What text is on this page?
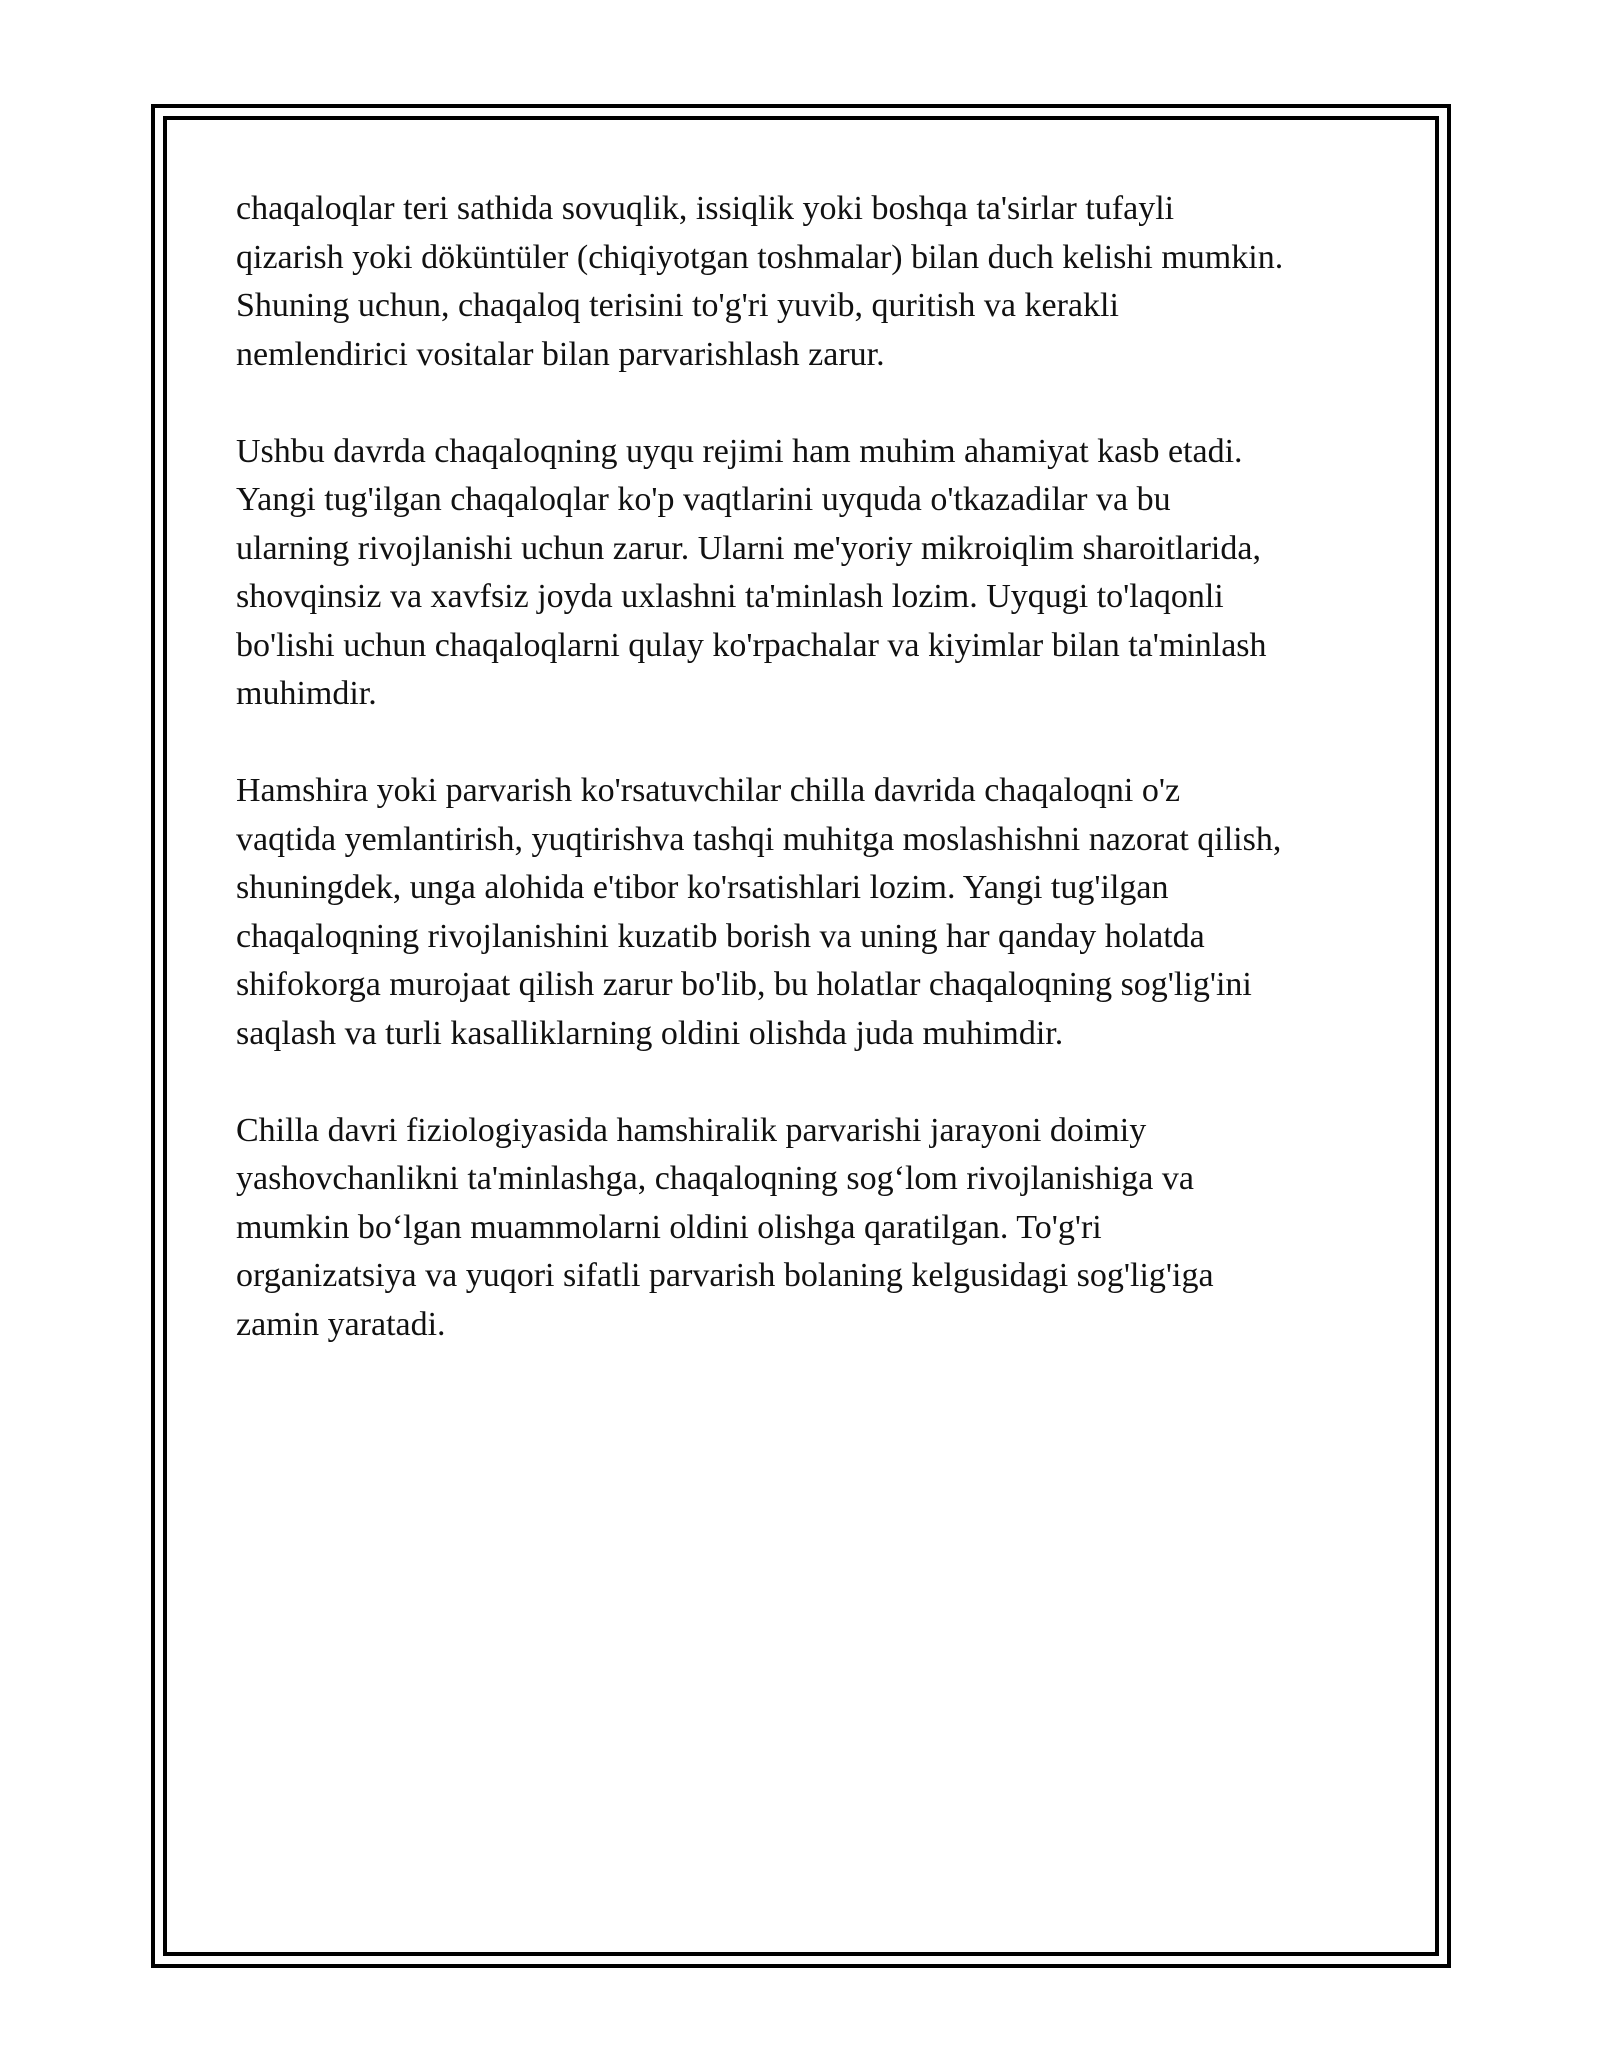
chaqaloqlar teri sathida sovuqlik, issiqlik yoki boshqa ta'sirlar tufayli
qizarish yoki döküntüler (chiqiyotgan toshmalar) bilan duch kelishi mumkin.
Shuning uchun, chaqaloq terisini to'g'ri yuvib, quritish va kerakli
nemlendirici vositalar bilan parvarishlash zarur.

Ushbu davrda chaqaloqning uyqu rejimi ham muhim ahamiyat kasb etadi.
Yangi tug'ilgan chaqaloqlar ko'p vaqtlarini uyquda o'tkazadilar va bu
ularning rivojlanishi uchun zarur. Ularni me'yoriy mikroiqlim sharoitlarida,
shovqinsiz va xavfsiz joyda uxlashni ta'minlash lozim. Uyqugi to'laqonli
bo'lishi uchun chaqaloqlarni qulay ko'rpachalar va kiyimlar bilan ta'minlash
muhimdir.

Hamshira yoki parvarish ko'rsatuvchilar chilla davrida chaqaloqni o'z
vaqtida yemlantirish, yuqtirishva tashqi muhitga moslashishni nazorat qilish,
shuningdek, unga alohida e'tibor ko'rsatishlari lozim. Yangi tug'ilgan
chaqaloqning rivojlanishini kuzatib borish va uning har qanday holatda
shifokorga murojaat qilish zarur bo'lib, bu holatlar chaqaloqning sog'lig'ini
saqlash va turli kasalliklarning oldini olishda juda muhimdir.

Chilla davri fiziologiyasida hamshiralik parvarishi jarayoni doimiy
yashovchanlikni ta'minlashga, chaqaloqning sog‘lom rivojlanishiga va
mumkin bo‘lgan muammolarni oldini olishga qaratilgan. To'g'ri
organizatsiya va yuqori sifatli parvarish bolaning kelgusidagi sog'lig'iga
zamin yaratadi.
